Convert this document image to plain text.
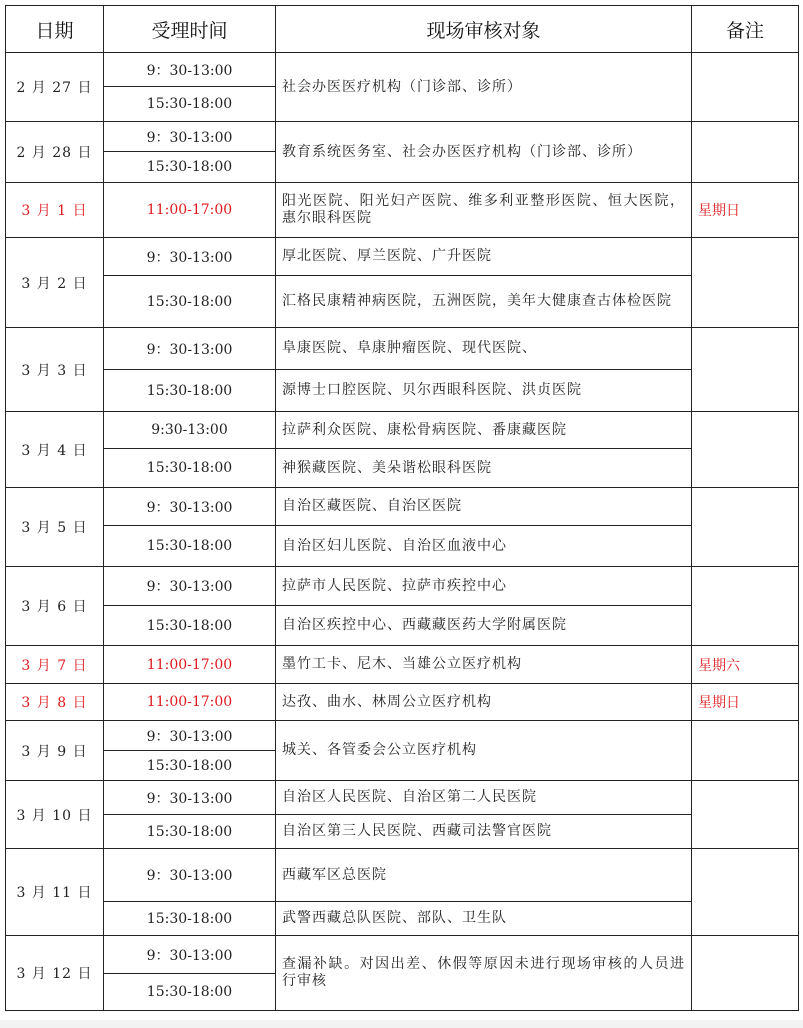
日期	受理时间	现场审核对象	备注
2 月 27 日	9：30-13:00	社会办医医疗机构（门诊部、诊所）	
	15:30-18:00		
2 月 28 日	9：30-13:00	教育系统医务室、社会办医医疗机构（门诊部、诊所）	
	15:30-18:00		
3 月 1 日	11:00-17:00	阳光医院、阳光妇产医院、维多利亚整形医院、恒大医院，惠尔眼科医院	星期日
3 月 2 日	9：30-13:00	厚北医院、厚兰医院、广升医院	
	15:30-18:00	汇格民康精神病医院，五洲医院，美年大健康查古体检医院	
3 月 3 日	9：30-13:00	阜康医院、阜康肿瘤医院、现代医院、	
	15:30-18:00	源博士口腔医院、贝尔西眼科医院、洪贞医院	
3 月 4 日	9:30-13:00	拉萨利众医院、康松骨病医院、番康藏医院	
	15:30-18:00	神猴藏医院、美朵谐松眼科医院	
3 月 5 日	9：30-13:00	自治区藏医院、自治区医院	
	15:30-18:00	自治区妇儿医院、自治区血液中心	
3 月 6 日	9：30-13:00	拉萨市人民医院、拉萨市疾控中心	
	15:30-18:00	自治区疾控中心、西藏藏医药大学附属医院	
3 月 7 日	11:00-17:00	墨竹工卡、尼木、当雄公立医疗机构	星期六
3 月 8 日	11:00-17:00	达孜、曲水、林周公立医疗机构	星期日
3 月 9 日	9：30-13:00	城关、各管委会公立医疗机构	
	15:30-18:00		
3 月 10 日	9：30-13:00	自治区人民医院、自治区第二人民医院	
	15:30-18:00	自治区第三人民医院、西藏司法警官医院	
3 月 11 日	9：30-13:00	西藏军区总医院	
	15:30-18:00	武警西藏总队医院、部队、卫生队	
3 月 12 日	9：30-13:00	查漏补缺。对因出差、休假等原因未进行现场审核的人员进行审核	
	15:30-18:00		
